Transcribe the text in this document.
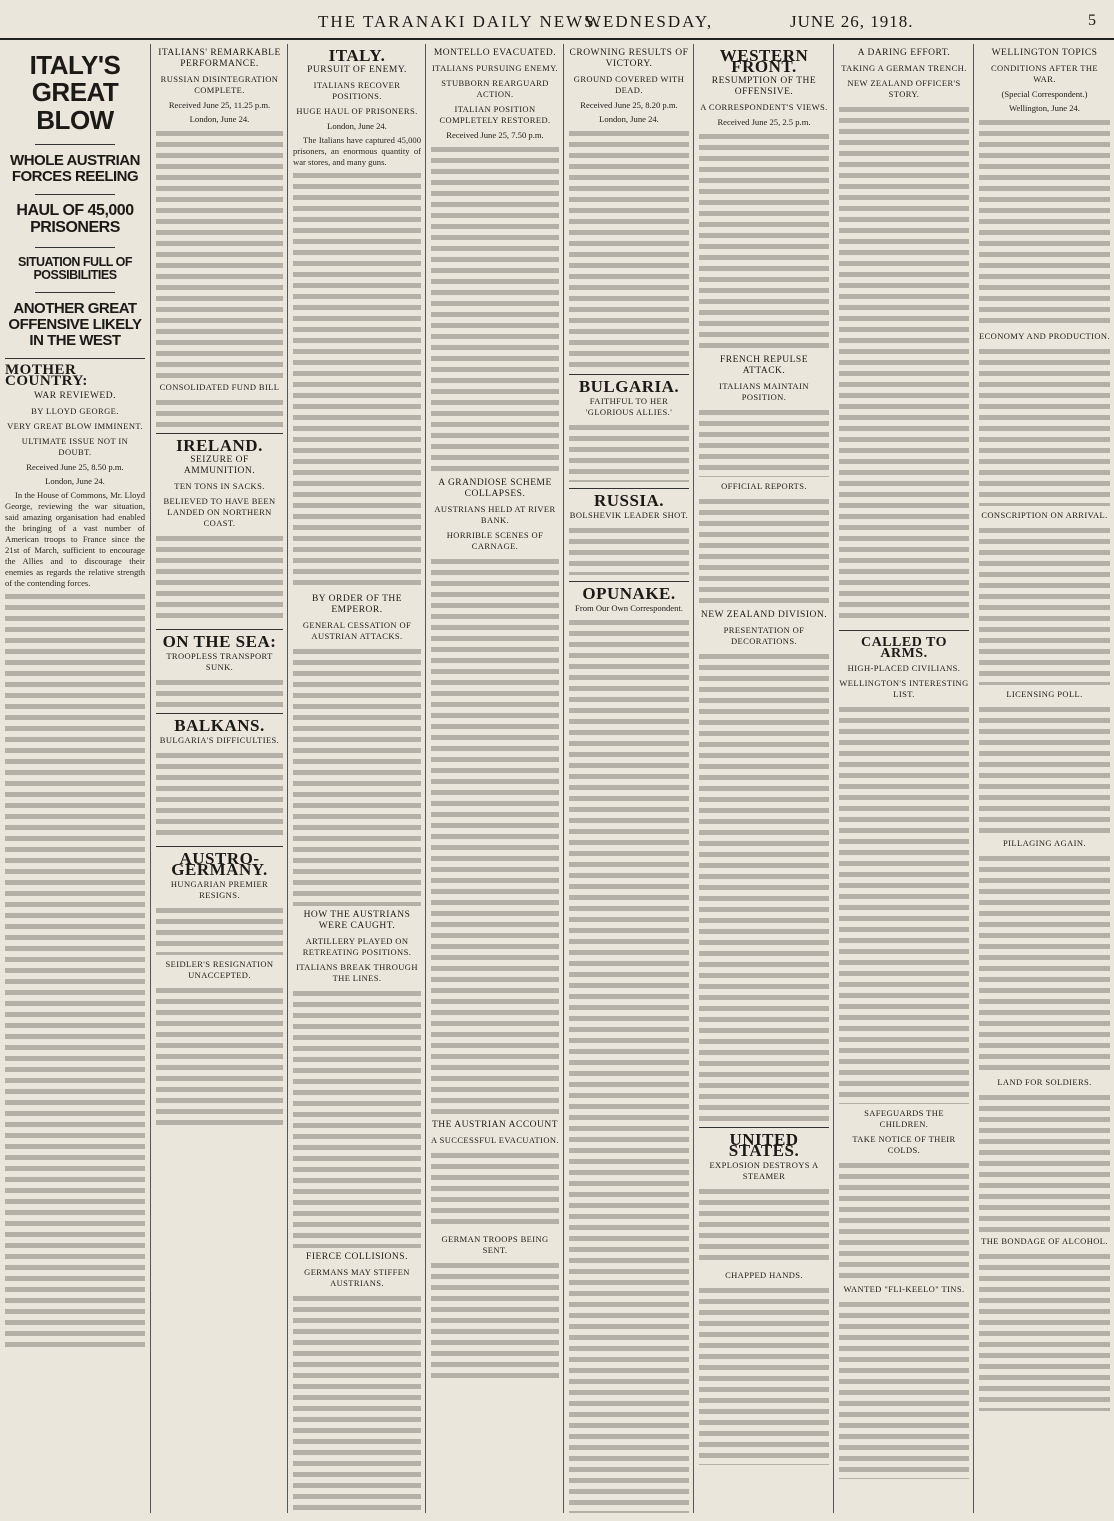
THE TARANAKI DAILY NEWS.
WEDNESDAY,	JUNE 26, 1918.	5
ITALY'S GREAT BLOW
WHOLE AUSTRIAN FORCES REELING
HAUL OF 45,000 PRISONERS
SITUATION FULL OF POSSIBILITIES
ANOTHER GREAT OFFENSIVE LIKELY IN THE WEST
MOTHER COUNTRY:
WAR REVIEWED.
BY LLOYD GEORGE.
VERY GREAT BLOW IMMINENT.
ULTIMATE ISSUE NOT IN DOUBT.
Received June 25, 8.50 p.m.
London, June 24.
In the House of Commons, Mr. Lloyd George, reviewing the war situation, said amazing organisation had enabled the bringing of a vast number of American troops to France since the 21st of March, sufficient to encourage the Allies and to discourage their enemies as regards the relative strength of the contending forces.
ITALIANS' REMARKABLE PERFORMANCE.
RUSSIAN DISINTEGRATION COMPLETE.
Received June 25, 11.25 p.m.
London, June 24.
CONSOLIDATED FUND BILL
IRELAND.
SEIZURE OF AMMUNITION.
TEN TONS IN SACKS.
BELIEVED TO HAVE BEEN LANDED ON NORTHERN COAST.
ON THE SEA:
TROOPLESS TRANSPORT SUNK.
BALKANS.
BULGARIA'S DIFFICULTIES.
AUSTRO-GERMANY.
HUNGARIAN PREMIER RESIGNS.
SEIDLER'S RESIGNATION UNACCEPTED.
ITALY.
PURSUIT OF ENEMY.
ITALIANS RECOVER POSITIONS.
HUGE HAUL OF PRISONERS.
London, June 24.
The Italians have captured 45,000 prisoners, an enormous quantity of war stores, and many guns.
BY ORDER OF THE EMPEROR.
GENERAL CESSATION OF AUSTRIAN ATTACKS.
HOW THE AUSTRIANS WERE CAUGHT.
ARTILLERY PLAYED ON RETREATING POSITIONS.
ITALIANS BREAK THROUGH THE LINES.
FIERCE COLLISIONS.
GERMANS MAY STIFFEN AUSTRIANS.
MONTELLO EVACUATED.
ITALIANS PURSUING ENEMY.
STUBBORN REARGUARD ACTION.
ITALIAN POSITION COMPLETELY RESTORED.
Received June 25, 7.50 p.m.
A GRANDIOSE SCHEME COLLAPSES.
AUSTRIANS HELD AT RIVER BANK.
HORRIBLE SCENES OF CARNAGE.
THE AUSTRIAN ACCOUNT
A SUCCESSFUL EVACUATION.
GERMAN TROOPS BEING SENT.
CROWNING RESULTS OF VICTORY.
GROUND COVERED WITH DEAD.
Received June 25, 8.20 p.m.
London, June 24.
BULGARIA.
FAITHFUL TO HER 'GLORIOUS ALLIES.'
RUSSIA.
BOLSHEVIK LEADER SHOT.
OPUNAKE.
From Our Own Correspondent.
WESTERN FRONT.
RESUMPTION OF THE OFFENSIVE.
A CORRESPONDENT'S VIEWS.
Received June 25, 2.5 p.m.
FRENCH REPULSE ATTACK.
ITALIANS MAINTAIN POSITION.
OFFICIAL REPORTS.
NEW ZEALAND DIVISION.
PRESENTATION OF DECORATIONS.
UNITED STATES.
EXPLOSION DESTROYS A STEAMER
CHAPPED HANDS.
A DARING EFFORT.
TAKING A GERMAN TRENCH.
NEW ZEALAND OFFICER'S STORY.
CALLED TO ARMS.
HIGH-PLACED CIVILIANS.
WELLINGTON'S INTERESTING LIST.
SAFEGUARDS THE CHILDREN.
TAKE NOTICE OF THEIR COLDS.
WANTED "FLI-KEELO" TINS.
WELLINGTON TOPICS
CONDITIONS AFTER THE WAR.
(Special Correspondent.)
Wellington, June 24.
ECONOMY AND PRODUCTION.
CONSCRIPTION ON ARRIVAL.
LICENSING POLL.
PILLAGING AGAIN.
LAND FOR SOLDIERS.
THE BONDAGE OF ALCOHOL.
